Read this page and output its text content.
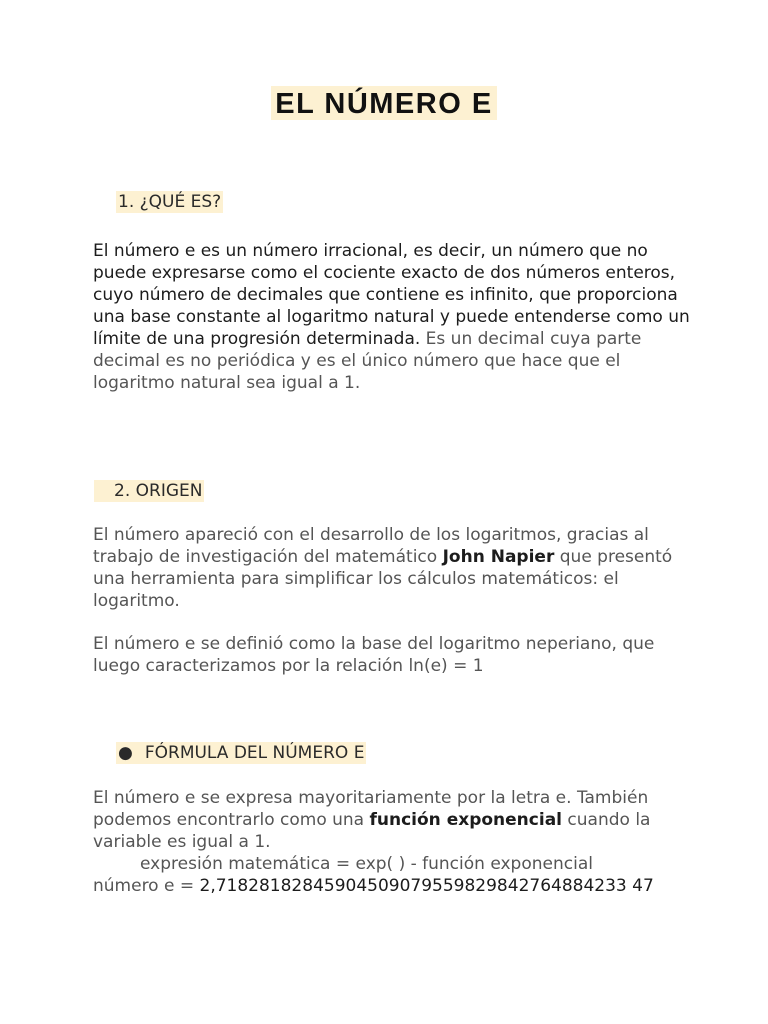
EL NÚMERO E
1. ¿QUÉ ES?

El número e es un número irracional, es decir, un número que no puede expresarse como el cociente exacto de dos números enteros, cuyo número de decimales que contiene es infinito, que proporciona una base constante al logaritmo natural y puede entenderse como un límite de una progresión determinada. Es un decimal cuya parte decimal es no periódica y es el único número que hace que el logaritmo natural sea igual a 1.

2. ORIGEN

El número apareció con el desarrollo de los logaritmos, gracias al trabajo de investigación del matemático John Napier que presentó una herramienta para simplificar los cálculos matemáticos: el logaritmo.

El número e se definió como la base del logaritmo neperiano, que luego caracterizamos por la relación ln(e) = 1

● FÓRMULA DEL NÚMERO E

El número e se expresa mayoritariamente por la letra e. También podemos encontrarlo como una función exponencial cuando la variable es igual a 1.
expresión matemática = exp( ) - función exponencial
número e = 2,71828182845904509079559829842764884233 47
